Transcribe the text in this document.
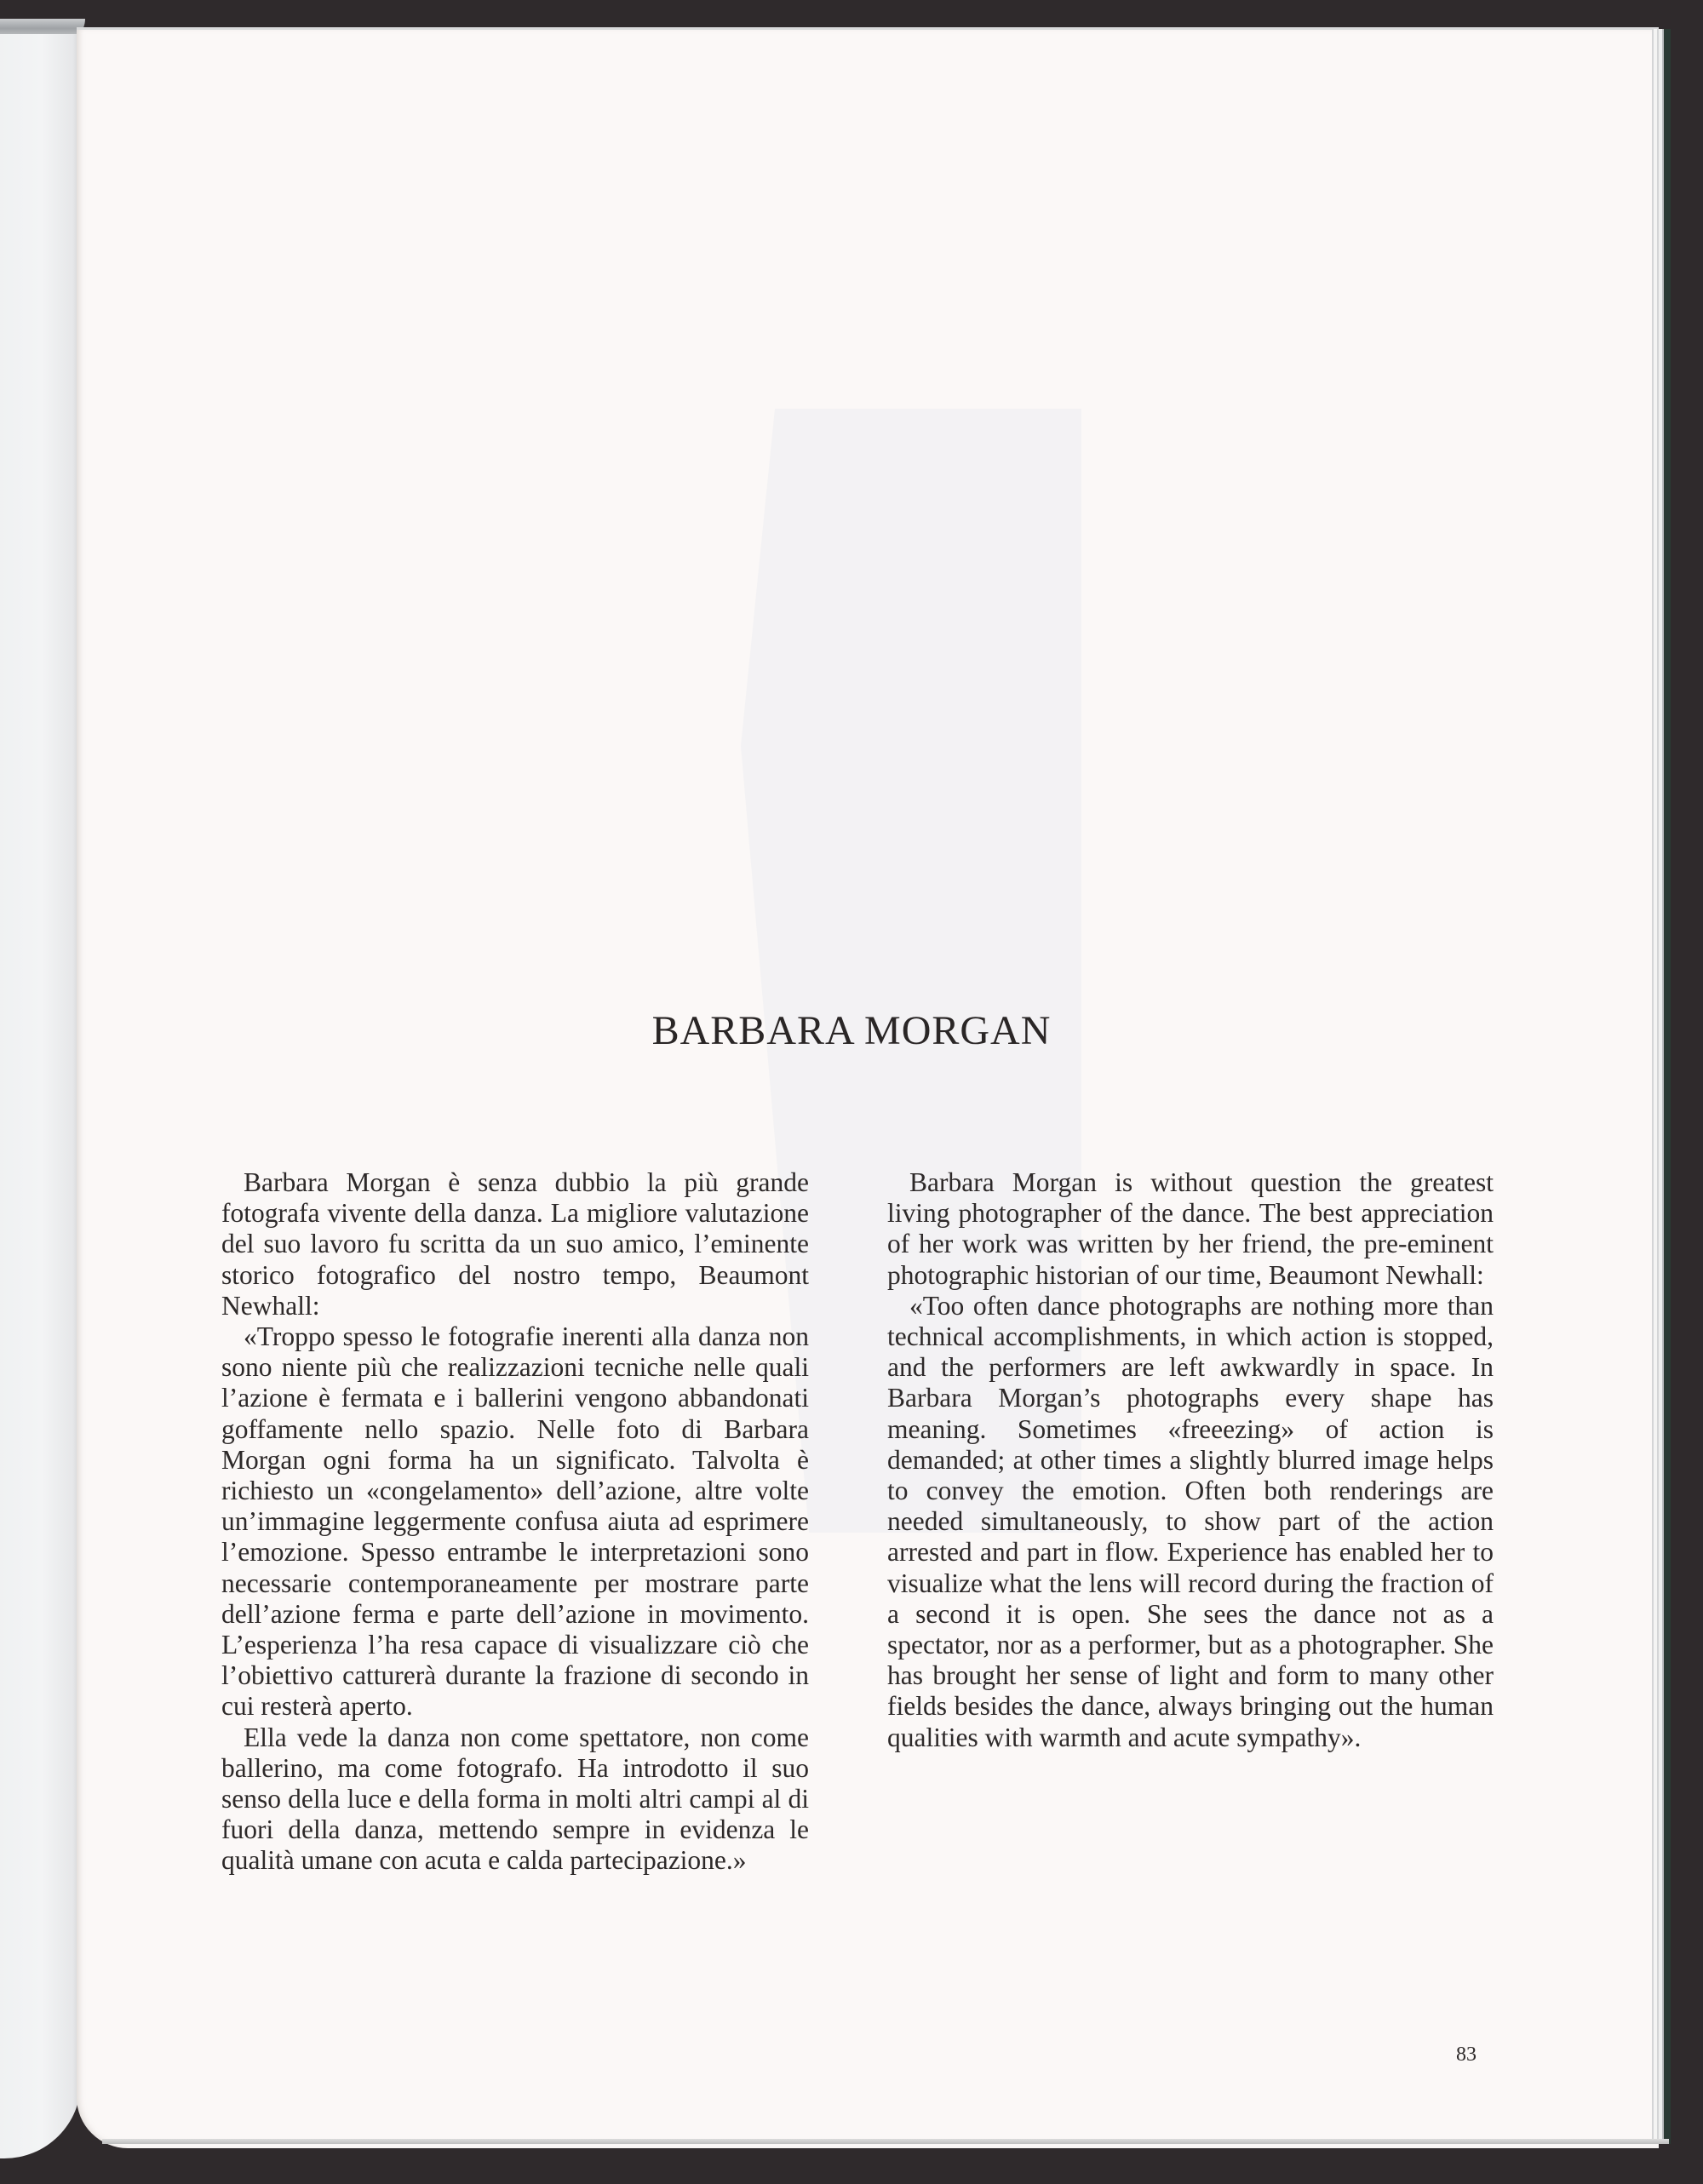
BARBARA MORGAN

Barbara Morgan è senza dubbio la più grande fotografa vivente della danza. La migliore valutazione del suo lavoro fu scritta da un suo amico, l’eminente storico fotografico del nostro tempo, Beaumont Newhall:

«Troppo spesso le fotografie inerenti alla danza non sono niente più che realizzazioni tecniche nelle quali l’azione è fermata e i ballerini vengono abbandonati goffamente nello spazio. Nelle foto di Barbara Morgan ogni forma ha un significato. Talvolta è richiesto un «congelamento» dell’azione, altre volte un’immagine leggermente confusa aiuta ad esprimere l’emozione. Spesso entrambe le interpretazioni sono necessarie contemporaneamente per mostrare parte dell’azione ferma e parte dell’azione in movimento. L’esperienza l’ha resa capace di visualizzare ciò che l’obiettivo catturerà durante la frazione di secondo in cui resterà aperto.

Ella vede la danza non come spettatore, non come ballerino, ma come fotografo. Ha introdotto il suo senso della luce e della forma in molti altri campi al di fuori della danza, mettendo sempre in evidenza le qualità umane con acuta e calda partecipazione.»

Barbara Morgan is without question the greatest living photographer of the dance. The best appreciation of her work was written by her friend, the pre-eminent photographic historian of our time, Beaumont Newhall:

«Too often dance photographs are nothing more than technical accomplishments, in which action is stopped, and the performers are left awkwardly in space. In Barbara Morgan’s photographs every shape has meaning. Sometimes «freeezing» of action is demanded; at other times a slightly blurred image helps to convey the emotion. Often both renderings are needed simultaneously, to show part of the action arrested and part in flow. Experience has enabled her to visualize what the lens will record during the fraction of a second it is open. She sees the dance not as a spectator, nor as a performer, but as a photographer. She has brought her sense of light and form to many other fields besides the dance, always bringing out the human qualities with warmth and acute sympathy».

83
